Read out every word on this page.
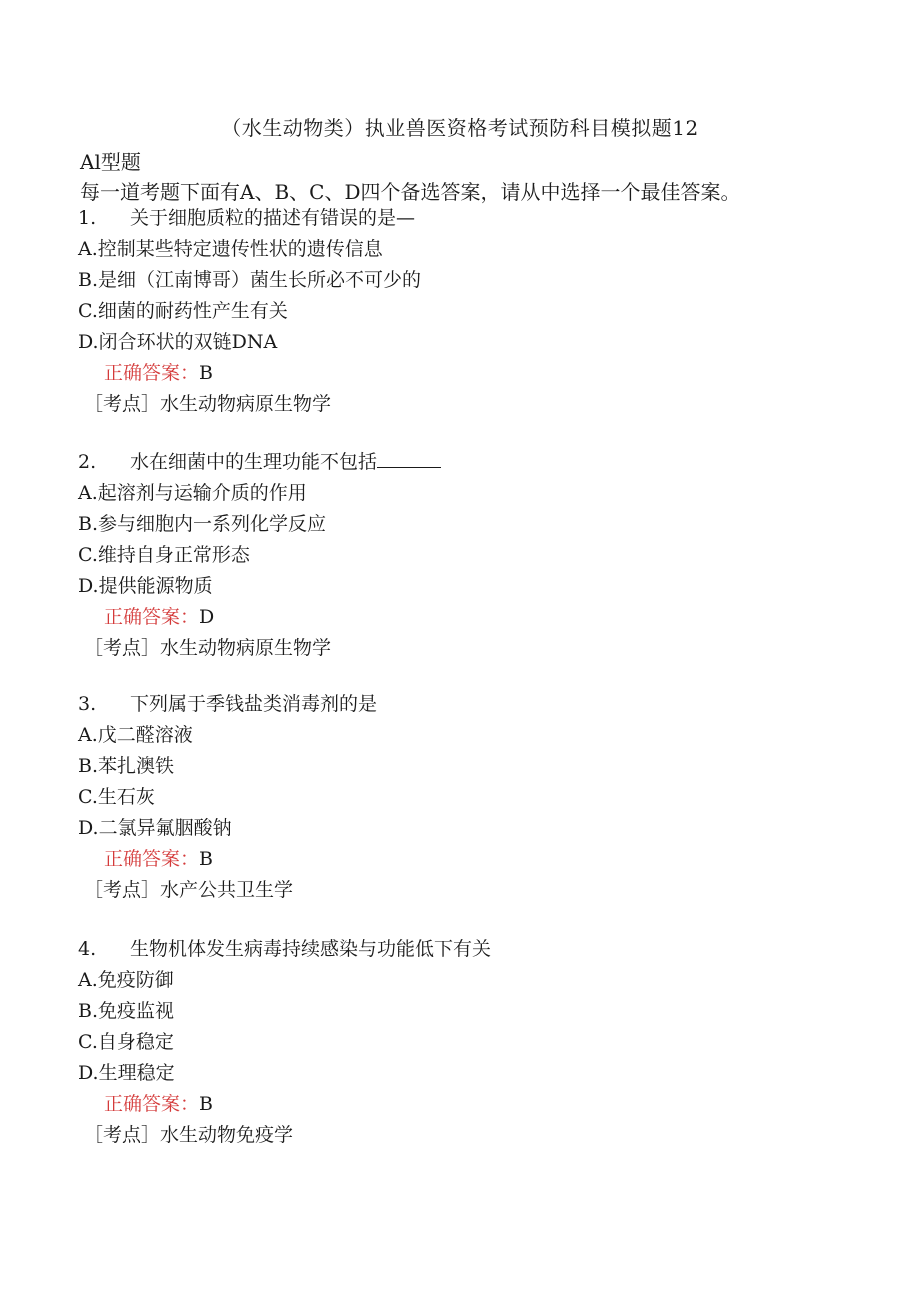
（水生动物类）执业兽医资格考试预防科目模拟题12
Al型题
每一道考题下面有A、B、C、D四个备选答案，请从中选择一个最佳答案。
1. 关于细胞质粒的描述有错误的是—
A.控制某些特定遗传性状的遗传信息
B.是细（江南博哥）菌生长所必不可少的
C.细菌的耐药性产生有关
D.闭合环状的双链DNA
正确答案：B
［考点］水生动物病原生物学
2. 水在细菌中的生理功能不包括
A.起溶剂与运输介质的作用
B.参与细胞内一系列化学反应
C.维持自身正常形态
D.提供能源物质
正确答案：D
［考点］水生动物病原生物学
3. 下列属于季钱盐类消毒剂的是
A.戊二醛溶液
B.苯扎澳铁
C.生石灰
D.二氯异氟胭酸钠
正确答案：B
［考点］水产公共卫生学
4. 生物机体发生病毒持续感染与功能低下有关
A.免疫防御
B.免疫监视
C.自身稳定
D.生理稳定
正确答案：B
［考点］水生动物免疫学
